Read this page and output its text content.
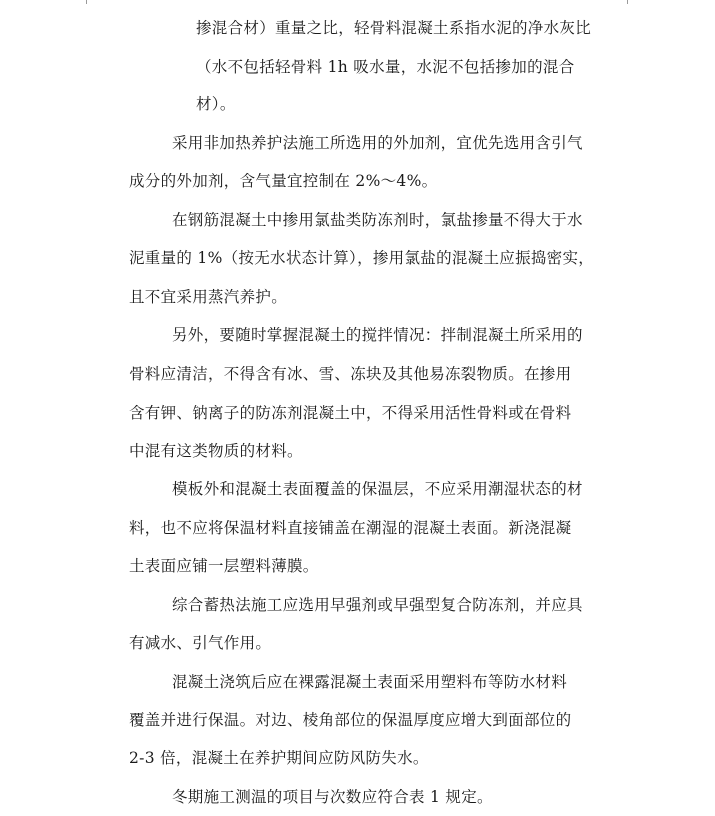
掺混合材）重量之比，轻骨料混凝土系指水泥的净水灰比
（水不包括轻骨料 1h 吸水量，水泥不包括掺加的混合
材）。
采用非加热养护法施工所选用的外加剂，宜优先选用含引气
成分的外加剂，含气量宜控制在 2%～4%。
在钢筋混凝土中掺用氯盐类防冻剂时，氯盐掺量不得大于水
泥重量的 1%（按无水状态计算），掺用氯盐的混凝土应振捣密实，
且不宜采用蒸汽养护。
另外，要随时掌握混凝土的搅拌情况：拌制混凝土所采用的
骨料应清洁，不得含有冰、雪、冻块及其他易冻裂物质。在掺用
含有钾、钠离子的防冻剂混凝土中，不得采用活性骨料或在骨料
中混有这类物质的材料。
模板外和混凝土表面覆盖的保温层，不应采用潮湿状态的材
料，也不应将保温材料直接铺盖在潮湿的混凝土表面。新浇混凝
土表面应铺一层塑料薄膜。
综合蓄热法施工应选用早强剂或早强型复合防冻剂，并应具
有减水、引气作用。
混凝土浇筑后应在裸露混凝土表面采用塑料布等防水材料
覆盖并进行保温。对边、棱角部位的保温厚度应增大到面部位的
2-3 倍，混凝土在养护期间应防风防失水。
冬期施工测温的项目与次数应符合表 1 规定。
